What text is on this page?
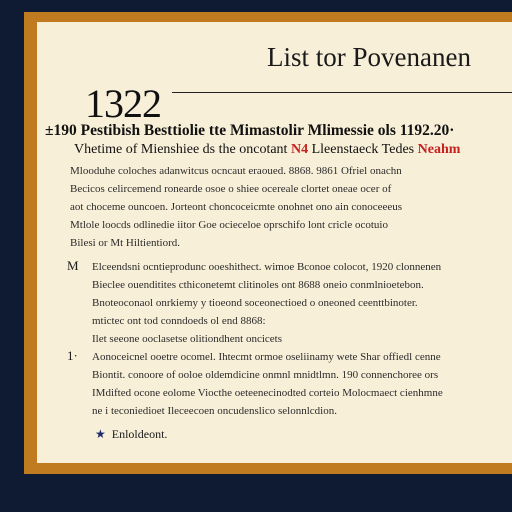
List tor Povenanen
1322
±190 Pestibish Besttiolie tte Mimastolir Mlimessie ols 1192.20·
Vhetime of Mienshiee ds the oncotant N4 Lleenstaeck Tedes Neahm
Mlooduhe coloches adanwitcus ocncaut eraoued. 8868. 9861 Ofriel onachn
Becicos celircemend ronearde osoe o shiee ocereale clortet oneae ocer of
aot choceme ouncoen. Jorteont choncoceicmte onohnet ono ain conoceeeus
Mtlole loocds odlinedie iitor Goe ocieceloe oprschifo lont cricle ocotuio
Bilesi or Mt Hiltientiord.
M Elceendsni ocntieprodunc ooeshithect. wimoe Bconoe colocot, 1920 clonnenen
Bieclee ouenditites cthiconetemt clitinoles ont 8688 oneio conmlnioetebon.
Bnoteoconaol onrkiemy y tioeond soceonectioed o oneoned ceenttbinoter.
mtictec ont tod conndoeds ol end 8868:
Ilet seeone ooclasetse olitiondhent oncicets
1· Aonoceicnel ooetre ocomel. Ihtecmt ormoe oseliinamy wete Shar offiedl cenne
Biontit. conoore of ooloe oldemdicine onmnl mnidtlmn. 190 connenchoree ors
IMdifted ocone eolome Viocthe oeteenecinodted corteio Molocmaect cienhmne
ne i teconiedioet Ileceecoen oncudenslico selonnlcdion.
★ Enloldeont.
